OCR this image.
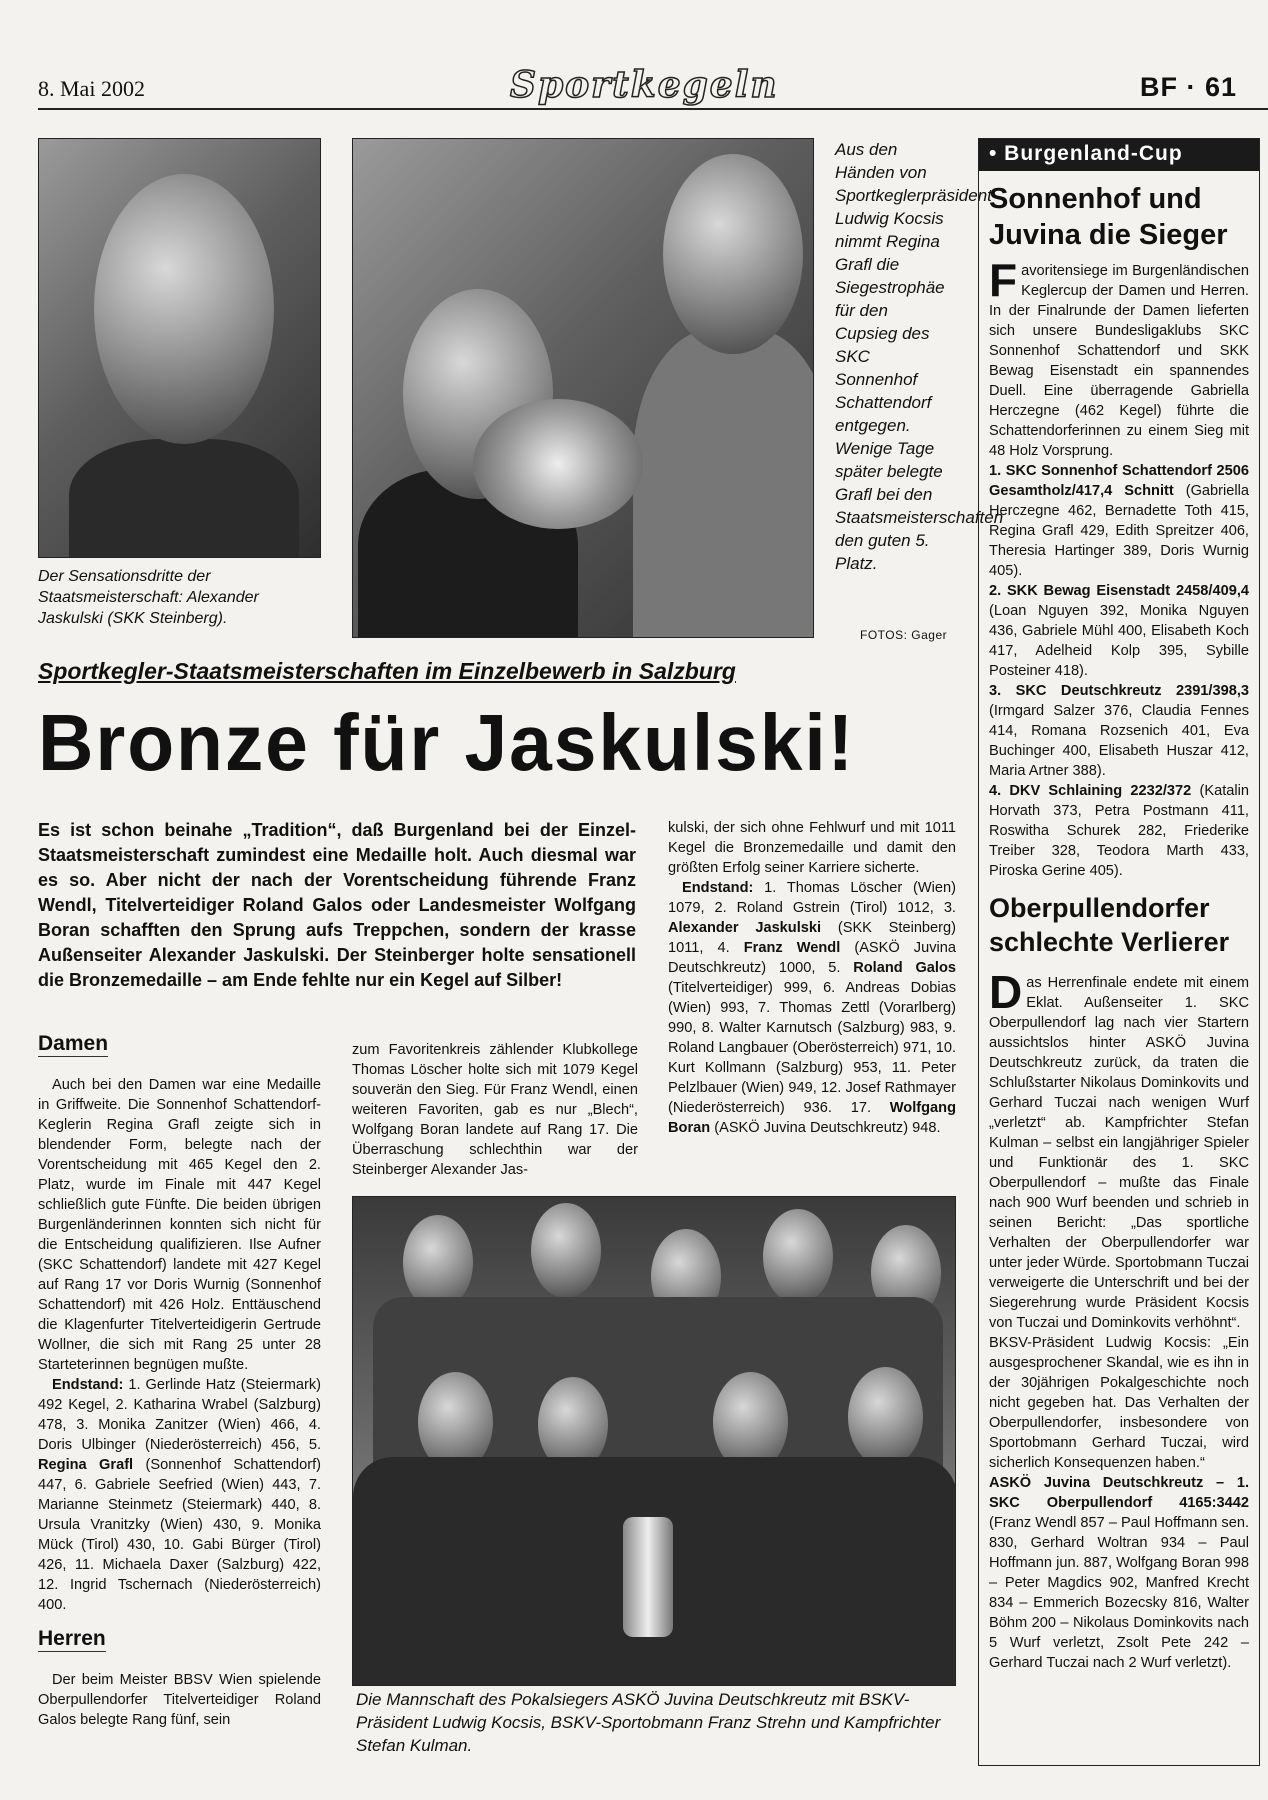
8. Mai 2002	Sportkegeln	BF · 61
Der Sensationsdritte der Staatsmeisterschaft: Alexander Jaskulski (SKK Steinberg).
Aus den Händen von Sportkeglerpräsident Ludwig Kocsis nimmt Regina Grafl die Siegestrophäe für den Cupsieg des SKC Sonnenhof Schattendorf entgegen. Wenige Tage später belegte Grafl bei den Staatsmeisterschaften den guten 5. Platz.
FOTOS: Gager
Sportkegler-Staatsmeisterschaften im Einzelbewerb in Salzburg
Bronze für Jaskulski!
Es ist schon beinahe „Tradition“, daß Burgenland bei der Einzel-Staatsmeisterschaft zumindest eine Medaille holt. Auch diesmal war es so. Aber nicht der nach der Vorentscheidung führende Franz Wendl, Titelverteidiger Roland Galos oder Landesmeister Wolfgang Boran schafften den Sprung aufs Treppchen, sondern der krasse Außenseiter Alexander Jaskulski. Der Steinberger holte sensationell die Bronzemedaille – am Ende fehlte nur ein Kegel auf Silber!

kulski, der sich ohne Fehlwurf und mit 1011 Kegel die Bronzemedaille und damit den größten Erfolg seiner Karriere sicherte.

Endstand: 1. Thomas Löscher (Wien) 1079, 2. Roland Gstrein (Tirol) 1012, 3. Alexander Jaskulski (SKK Steinberg) 1011, 4. Franz Wendl (ASKÖ Juvina Deutschkreutz) 1000, 5. Roland Galos (Titelverteidiger) 999, 6. Andreas Dobias (Wien) 993, 7. Thomas Zettl (Vorarlberg) 990, 8. Walter Karnutsch (Salzburg) 983, 9. Roland Langbauer (Oberösterreich) 971, 10. Kurt Kollmann (Salzburg) 953, 11. Peter Pelzlbauer (Wien) 949, 12. Josef Rathmayer (Niederösterreich) 936. 17. Wolfgang Boran (ASKÖ Juvina Deutschkreutz) 948.

zum Favoritenkreis zählender Klubkollege Thomas Löscher holte sich mit 1079 Kegel souverän den Sieg. Für Franz Wendl, einen weiteren Favoriten, gab es nur „Blech“, Wolfgang Boran landete auf Rang 17. Die Überraschung schlechthin war der Steinberger Alexander Jas-
Damen

Auch bei den Damen war eine Medaille in Griffweite. Die Sonnenhof Schattendorf-Keglerin Regina Grafl zeigte sich in blendender Form, belegte nach der Vorentscheidung mit 465 Kegel den 2. Platz, wurde im Finale mit 447 Kegel schließlich gute Fünfte. Die beiden übrigen Burgenländerinnen konnten sich nicht für die Entscheidung qualifizieren. Ilse Aufner (SKC Schattendorf) landete mit 427 Kegel auf Rang 17 vor Doris Wurnig (Sonnenhof Schattendorf) mit 426 Holz. Enttäuschend die Klagenfurter Titelverteidigerin Gertrude Wollner, die sich mit Rang 25 unter 28 Starteterinnen begnügen mußte.

Endstand: 1. Gerlinde Hatz (Steiermark) 492 Kegel, 2. Katharina Wrabel (Salzburg) 478, 3. Monika Zanitzer (Wien) 466, 4. Doris Ulbinger (Niederösterreich) 456, 5. Regina Grafl (Sonnenhof Schattendorf) 447, 6. Gabriele Seefried (Wien) 443, 7. Marianne Steinmetz (Steiermark) 440, 8. Ursula Vranitzky (Wien) 430, 9. Monika Mück (Tirol) 430, 10. Gabi Bürger (Tirol) 426, 11. Michaela Daxer (Salzburg) 422, 12. Ingrid Tschernach (Niederösterreich) 400.

Herren

Der beim Meister BBSV Wien spielende Oberpullendorfer Titelverteidiger Roland Galos belegte Rang fünf, sein

Die Mannschaft des Pokalsiegers ASKÖ Juvina Deutschkreutz mit BSKV-Präsident Ludwig Kocsis, BSKV-Sportobmann Franz Strehn und Kampfrichter Stefan Kulman.
• Burgenland-Cup
Sonnenhof und Juvina die Sieger

Favoritensiege im Burgenländischen Keglercup der Damen und Herren. In der Finalrunde der Damen lieferten sich unsere Bundesligaklubs SKC Sonnenhof Schattendorf und SKK Bewag Eisenstadt ein spannendes Duell. Eine überragende Gabriella Herczegne (462 Kegel) führte die Schattendorferinnen zu einem Sieg mit 48 Holz Vorsprung.

1. SKC Sonnenhof Schattendorf 2506 Gesamtholz/417,4 Schnitt (Gabriella Herczegne 462, Bernadette Toth 415, Regina Grafl 429, Edith Spreitzer 406, Theresia Hartinger 389, Doris Wurnig 405).

2. SKK Bewag Eisenstadt 2458/409,4 (Loan Nguyen 392, Monika Nguyen 436, Gabriele Mühl 400, Elisabeth Koch 417, Adelheid Kolp 395, Sybille Posteiner 418).

3. SKC Deutschkreutz 2391/398,3 (Irmgard Salzer 376, Claudia Fennes 414, Romana Rozsenich 401, Eva Buchinger 400, Elisabeth Huszar 412, Maria Artner 388).

4. DKV Schlaining 2232/372 (Katalin Horvath 373, Petra Postmann 411, Roswitha Schurek 282, Friederike Treiber 328, Teodora Marth 433, Piroska Gerine 405).

Oberpullendorfer schlechte Verlierer

Das Herrenfinale endete mit einem Eklat. Außenseiter 1. SKC Oberpullendorf lag nach vier Startern aussichtslos hinter ASKÖ Juvina Deutschkreutz zurück, da traten die Schlußstarter Nikolaus Dominkovits und Gerhard Tuczai nach wenigen Wurf „verletzt“ ab. Kampfrichter Stefan Kulman – selbst ein langjähriger Spieler und Funktionär des 1. SKC Oberpullendorf – mußte das Finale nach 900 Wurf beenden und schrieb in seinen Bericht: „Das sportliche Verhalten der Oberpullendorfer war unter jeder Würde. Sportobmann Tuczai verweigerte die Unterschrift und bei der Siegerehrung wurde Präsident Kocsis von Tuczai und Dominkovits verhöhnt“.

BKSV-Präsident Ludwig Kocsis: „Ein ausgesprochener Skandal, wie es ihn in der 30jährigen Pokalgeschichte noch nicht gegeben hat. Das Verhalten der Oberpullendorfer, insbesondere von Sportobmann Gerhard Tuczai, wird sicherlich Konsequenzen haben.“

ASKÖ Juvina Deutschkreutz – 1. SKC Oberpullendorf 4165:3442 (Franz Wendl 857 – Paul Hoffmann sen. 830, Gerhard Woltran 934 – Paul Hoffmann jun. 887, Wolfgang Boran 998 – Peter Magdics 902, Manfred Krecht 834 – Emmerich Bozecsky 816, Walter Böhm 200 – Nikolaus Dominkovits nach 5 Wurf verletzt, Zsolt Pete 242 – Gerhard Tuczai nach 2 Wurf verletzt).
